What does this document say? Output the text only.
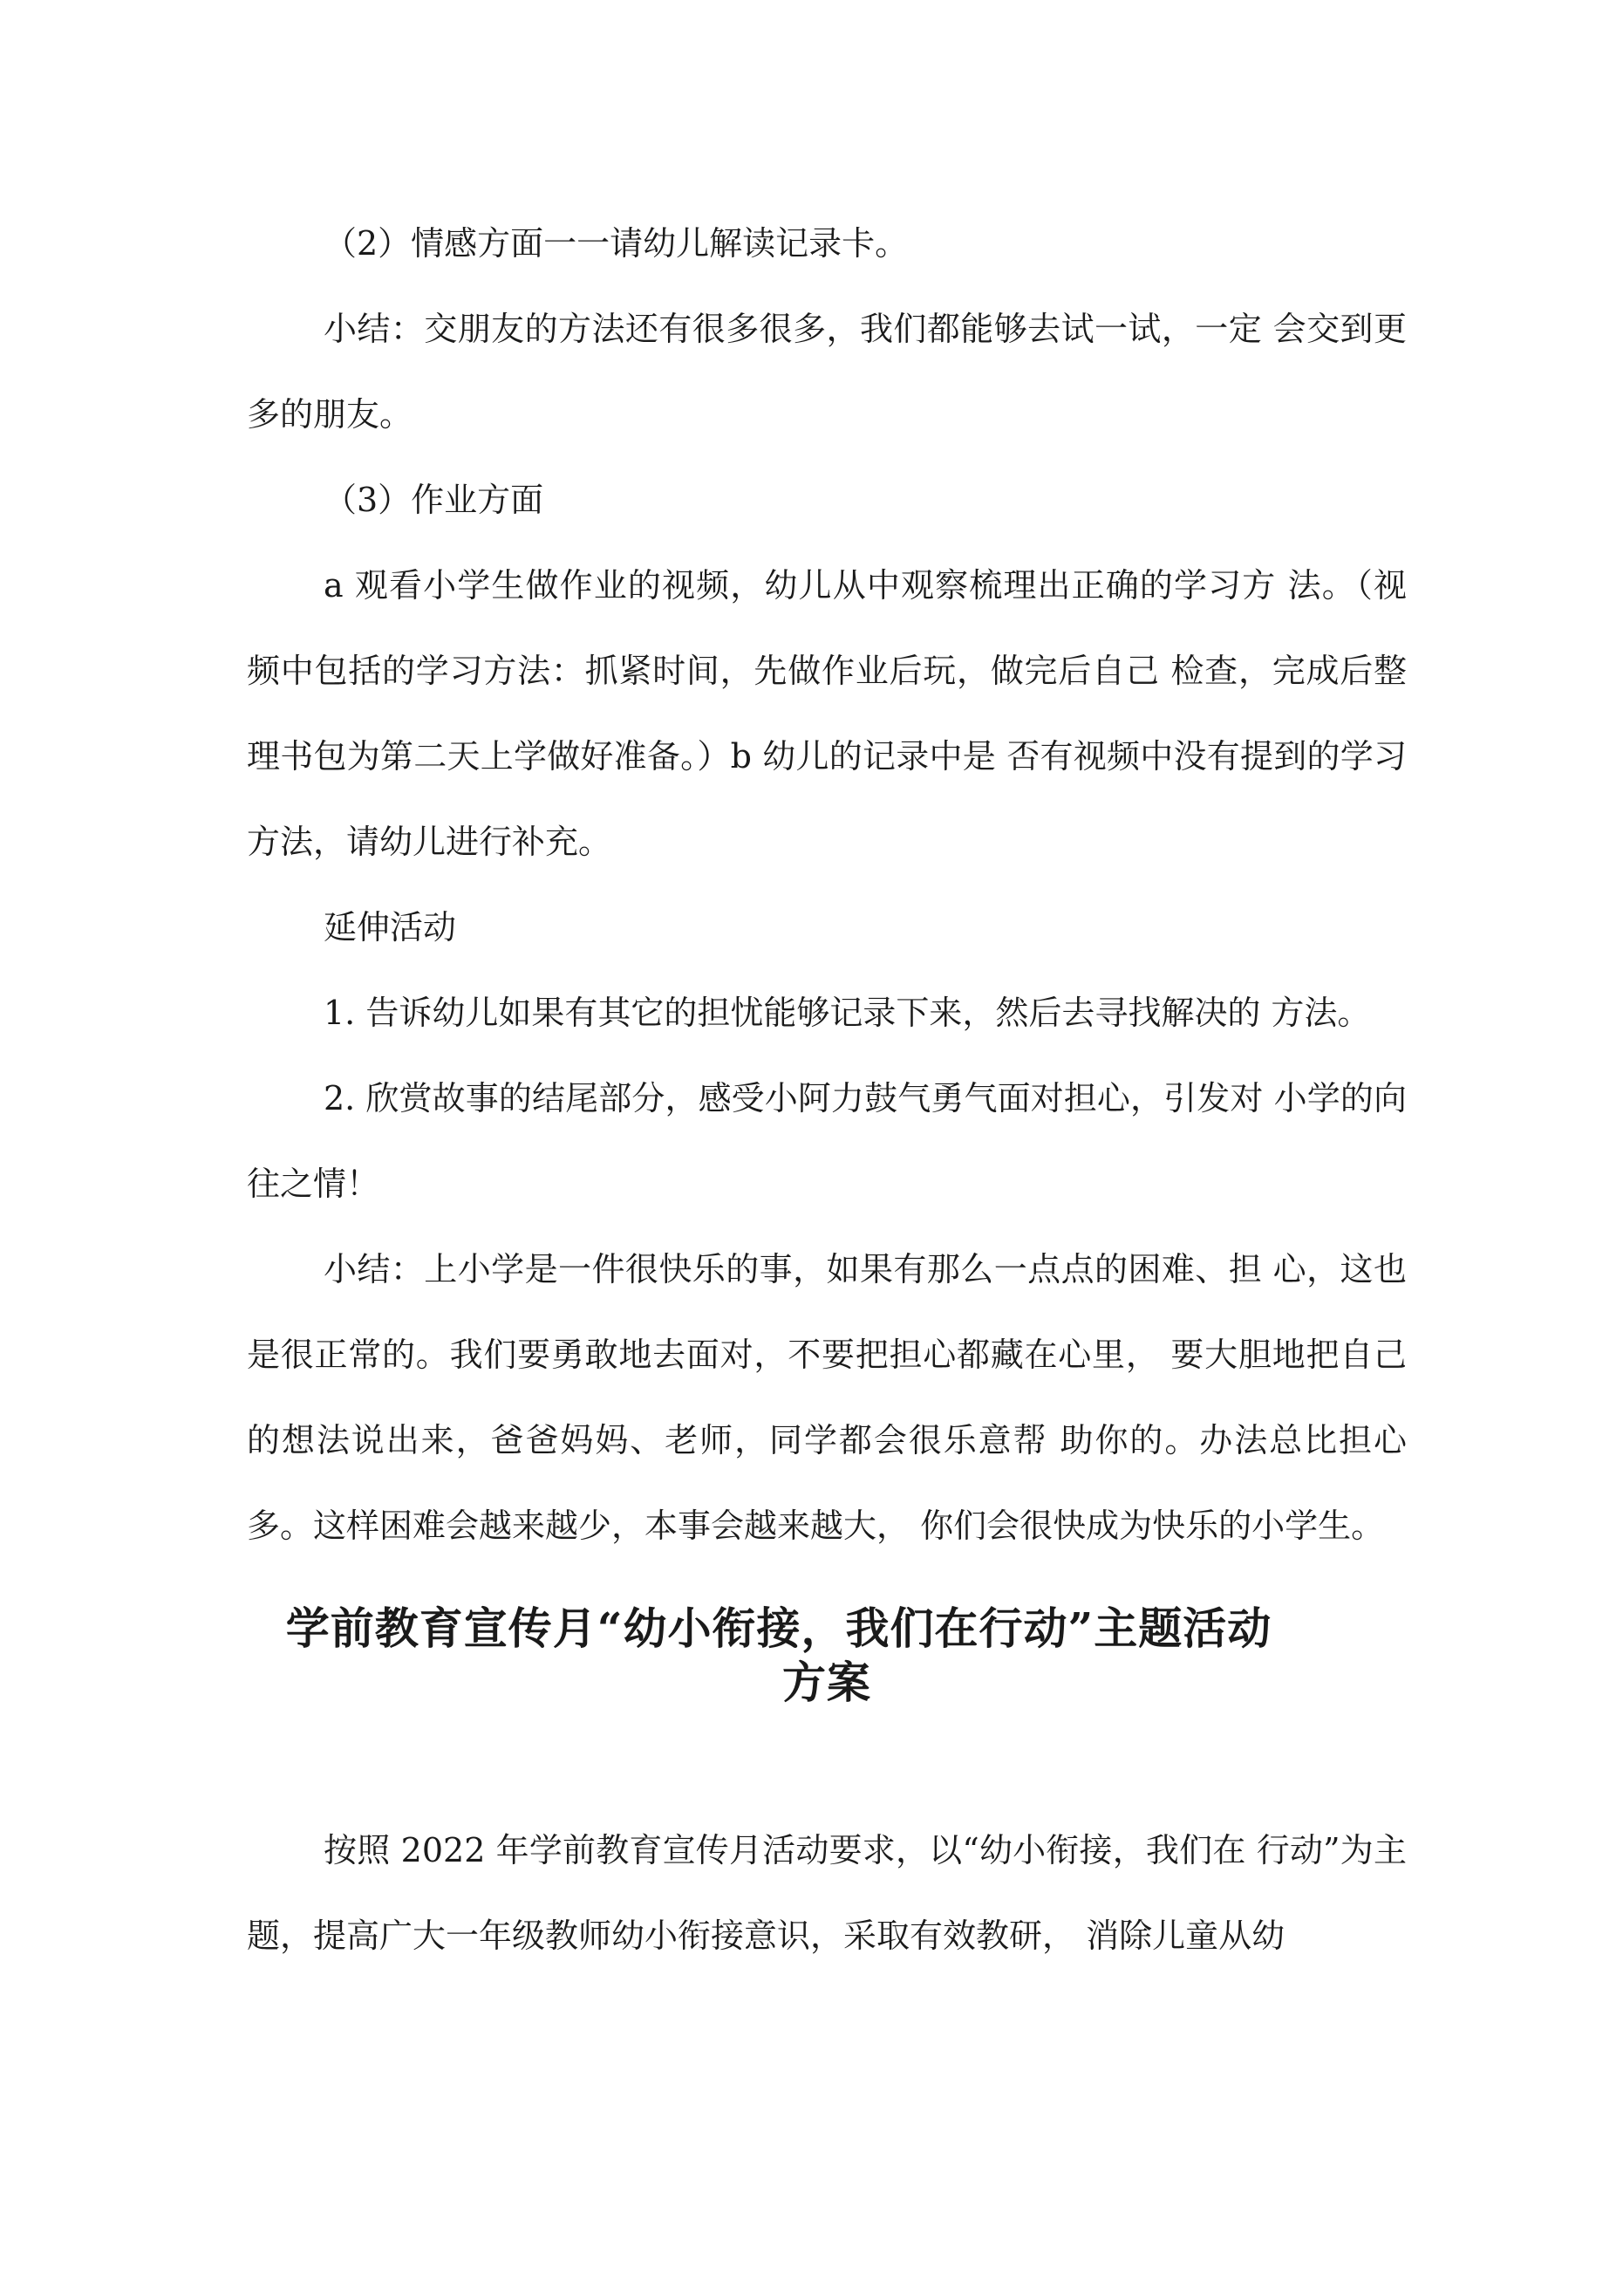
（2）情感方面一一请幼儿解读记录卡。

小结：交朋友的方法还有很多很多，我们都能够去试一试，一定 会交到更多的朋友。

（3）作业方面

a 观看小学生做作业的视频，幼儿从中观察梳理出正确的学习方 法。（视频中包括的学习方法：抓紧时间，先做作业后玩，做完后自己 检查，完成后整理书包为第二天上学做好准备。）b 幼儿的记录中是 否有视频中没有提到的学习方法，请幼儿进行补充。

延伸活动

1. 告诉幼儿如果有其它的担忧能够记录下来，然后去寻找解决的 方法。

2. 欣赏故事的结尾部分，感受小阿力鼓气勇气面对担心，引发对 小学的向往之情！

小结：上小学是一件很快乐的事，如果有那么一点点的困难、担 心，这也是很正常的。我们要勇敢地去面对，不要把担心都藏在心里， 要大胆地把自己的想法说出来，爸爸妈妈、老师，同学都会很乐意帮 助你的。办法总比担心多。这样困难会越来越少，本事会越来越大， 你们会很快成为快乐的小学生。

学前教育宣传月“幼小衔接，我们在行动”主题活动
方案

按照 2022 年学前教育宣传月活动要求，以“幼小衔接，我们在 行动”为主题，提高广大一年级教师幼小衔接意识，采取有效教研， 消除儿童从幼
